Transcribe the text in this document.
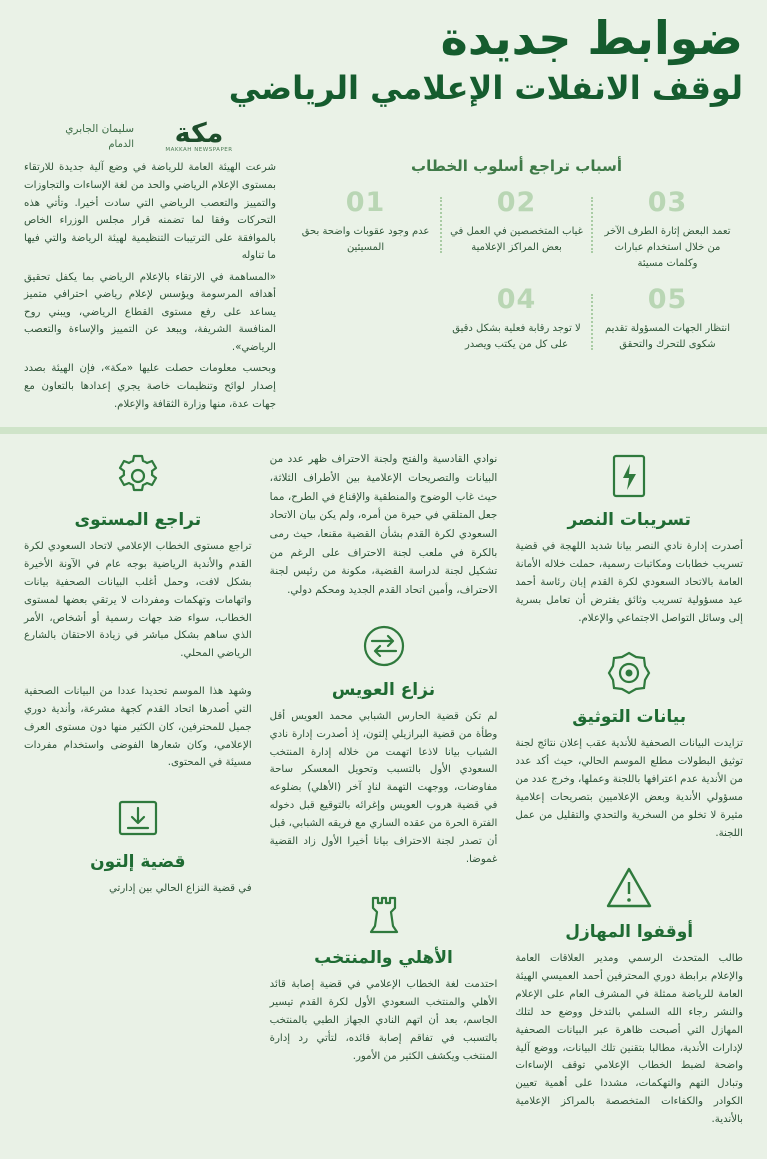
ضوابط جديدة
لوقف الانفلات الإعلامي الرياضي
سليمان الجابري
الدمام	مكة
MAKKAH NEWSPAPER

شرعت الهيئة العامة للرياضة في وضع آلية جديدة للارتقاء بمستوى الإعلام الرياضي والحد من لغة الإساءات والتجاوزات والتمييز والتعصب الرياضي التي سادت أخيرا. وتأتي هذه التحركات وفقا لما تضمنه قرار مجلس الوزراء الخاص بالموافقة على الترتيبات التنظيمية لهيئة الرياضة والتي فيها ما تناوله

«المساهمة في الارتقاء بالإعلام الرياضي بما يكفل تحقيق أهدافه المرسومة ويؤسس لإعلام رياضي احترافي متميز يساعد على رفع مستوى القطاع الرياضي، ويبني روح المنافسة الشريفة، ويبعد عن التمييز والإساءة والتعصب الرياضي».

وبحسب معلومات حصلت عليها «مكة»، فإن الهيئة بصدد إصدار لوائح وتنظيمات خاصة يجري إعدادها بالتعاون مع جهات عدة، منها وزارة الثقافة والإعلام.

أسباب تراجع أسلوب الخطاب
03
تعمد البعض إثارة الطرف الآخر من خلال استخدام عبارات وكلمات مسيئة
02
غياب المتخصصين في العمل في بعض المراكز الإعلامية
01
عدم وجود عقوبات واضحة بحق المسيئين
05
انتظار الجهات المسؤولة تقديم شكوى للتحرك والتحقق
04
لا توجد رقابة فعلية بشكل دقيق على كل من يكتب ويصدر
تسريبات النصر
أصدرت إدارة نادي النصر بيانا شديد اللهجة في قضية تسريب خطابات ومكاتبات رسمية، حملت خلاله الأمانة العامة بالاتحاد السعودي لكرة القدم إبان رئاسة أحمد عيد مسؤولية تسريب وثائق يفترض أن تعامل بسرية إلى وسائل التواصل الاجتماعي والإعلام.
بيانات التوثيق
تزايدت البيانات الصحفية للأندية عقب إعلان نتائج لجنة توثيق البطولات مطلع الموسم الحالي، حيث أكد عدد من الأندية عدم اعترافها باللجنة وعملها، وخرج عدد من مسؤولي الأندية وبعض الإعلاميين بتصريحات إعلامية مثيرة لا تخلو من السخرية والتحدي والتقليل من عمل اللجنة.
أوقفوا المهازل
طالب المتحدث الرسمي ومدير العلاقات العامة والإعلام برابطة دوري المحترفين أحمد العميسي الهيئة العامة للرياضة ممثلة في المشرف العام على الإعلام والنشر رجاء الله السلمي بالتدخل ووضع حد لتلك المهازل التي أصبحت ظاهرة عبر البيانات الصحفية لإدارات الأندية، مطالبا بتقنين تلك البيانات، ووضع آلية واضحة لضبط الخطاب الإعلامي توقف الإساءات وتبادل التهم والتهكمات، مشددا على أهمية تعيين الكوادر والكفاءات المتخصصة بالمراكز الإعلامية بالأندية.
نوادي القادسية والفتح ولجنة الاحتراف ظهر عدد من البيانات والتصريحات الإعلامية بين الأطراف الثلاثة، حيث غاب الوضوح والمنطقية والإقناع في الطرح، مما جعل المتلقي في حيرة من أمره، ولم يكن بيان الاتحاد السعودي لكرة القدم بشأن القضية مقنعا، حيث رمى بالكرة في ملعب لجنة الاحتراف على الرغم من تشكيل لجنة لدراسة القضية، مكونة من رئيس لجنة الاحتراف، وأمين اتحاد القدم الجديد ومحكم دولي.
نزاع العويس
لم تكن قضية الحارس الشبابي محمد العويس أقل وطأة من قضية البرازيلي إلتون، إذ أصدرت إدارة نادي الشباب بيانا لاذعا اتهمت من خلاله إدارة المنتخب السعودي الأول بالتسبب وتحويل المعسكر ساحة مفاوضات، ووجهت التهمة لنادٍ آخر (الأهلي) بضلوعه في قضية هروب العويس وإغرائه بالتوقيع قبل دخوله الفترة الحرة من عقده الساري مع فريقه الشبابي، قبل أن تصدر لجنة الاحتراف بيانا أخيرا الأول زاد القضية غموضا.
الأهلي والمنتخب
احتدمت لغة الخطاب الإعلامي في قضية إصابة قائد الأهلي والمنتخب السعودي الأول لكرة القدم تيسير الجاسم، بعد أن اتهم النادي الجهاز الطبي بالمنتخب بالتسبب في تفاقم إصابة قائده، لتأتي رد إدارة المنتخب ويكشف الكثير من الأمور.
تراجع المستوى
تراجع مستوى الخطاب الإعلامي لاتحاد السعودي لكرة القدم والأندية الرياضية بوجه عام في الآونة الأخيرة بشكل لافت، وحمل أغلب البيانات الصحفية بيانات واتهامات وتهكمات ومفردات لا يرتقي بعضها لمستوى الخطاب، سواء ضد جهات رسمية أو أشخاص، الأمر الذي ساهم بشكل مباشر في زيادة الاحتقان بالشارع الرياضي المحلي.
وشهد هذا الموسم تحديدا عددا من البيانات الصحفية التي أصدرها اتحاد القدم كجهة مشرعة، وأندية دوري جميل للمحترفين، كان الكثير منها دون مستوى العرف الإعلامي، وكان شعارها الفوضى واستخدام مفردات مسيئة في المحتوى.
قضية إلتون
في قضية النزاع الحالي بين إدارتي
